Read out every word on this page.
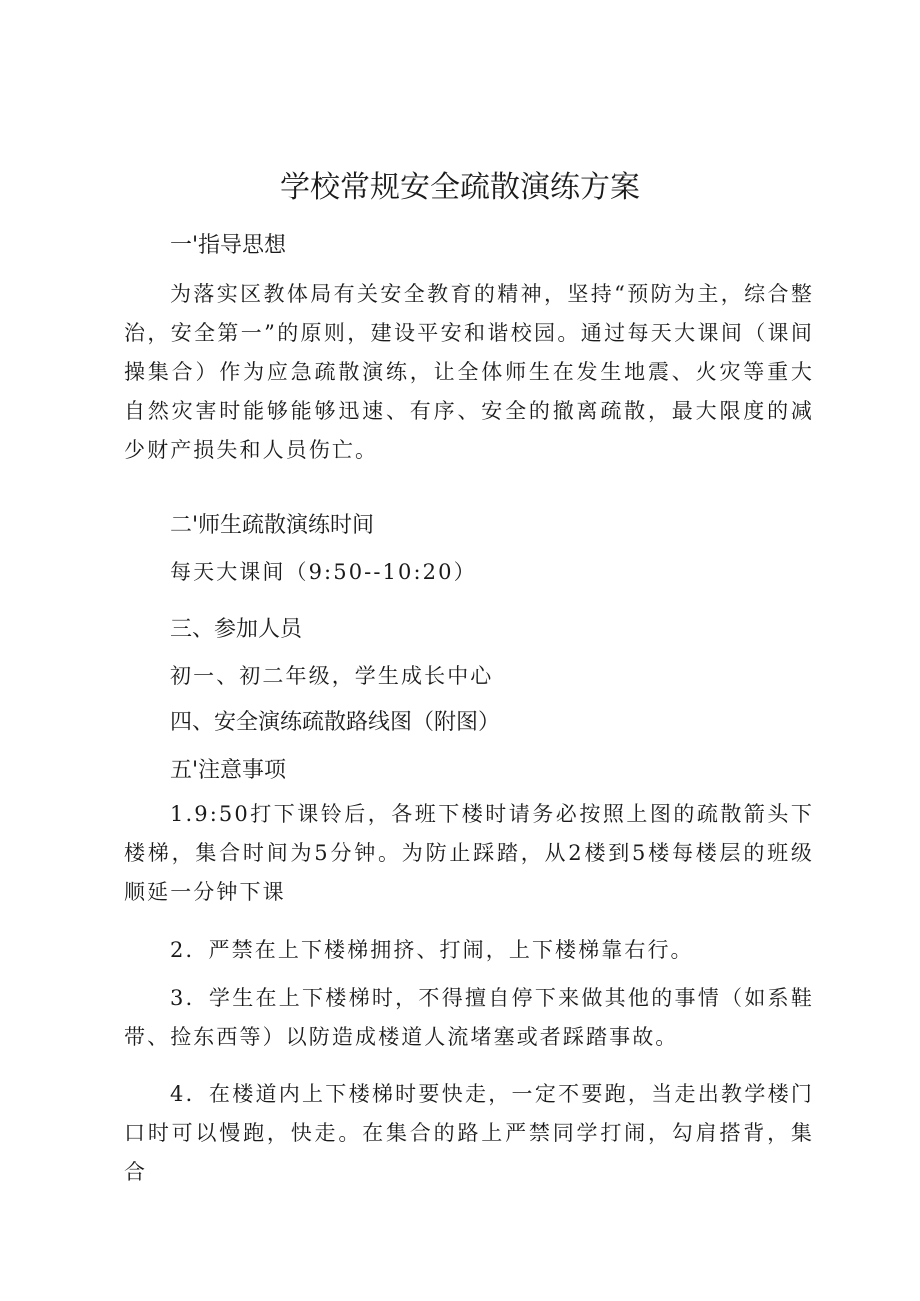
学校常规安全疏散演练方案
一'指导思想

为落实区教体局有关安全教育的精神，坚持“预防为主，综合整治，安全第一”的原则，建设平安和谐校园。通过每天大课间（课间操集合）作为应急疏散演练，让全体师生在发生地震、火灾等重大自然灾害时能够能够迅速、有序、安全的撤离疏散，最大限度的减少财产损失和人员伤亡。

二'师生疏散演练时间

每天大课间（9:50--10:20）

三、参加人员

初一、初二年级，学生成长中心

四、安全演练疏散路线图（附图）
五'注意事项

1.9:50打下课铃后，各班下楼时请务必按照上图的疏散箭头下楼梯，集合时间为5分钟。为防止踩踏，从2楼到5楼每楼层的班级顺延一分钟下课

2．严禁在上下楼梯拥挤、打闹，上下楼梯靠右行。

3．学生在上下楼梯时，不得擅自停下来做其他的事情（如系鞋带、捡东西等）以防造成楼道人流堵塞或者踩踏事故。

4．在楼道内上下楼梯时要快走，一定不要跑，当走出教学楼门口时可以慢跑，快走。在集合的路上严禁同学打闹，勾肩搭背，集合
